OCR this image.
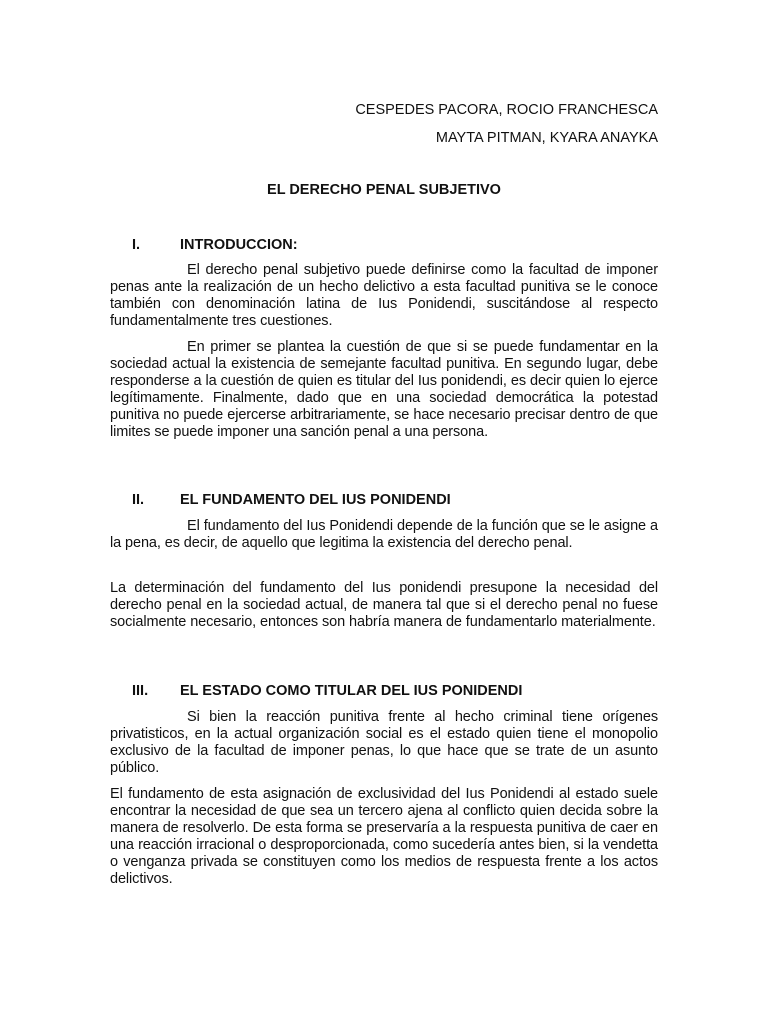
CESPEDES PACORA, ROCIO FRANCHESCA
MAYTA PITMAN, KYARA ANAYKA
EL DERECHO PENAL SUBJETIVO
I.	INTRODUCCION:

El derecho penal subjetivo puede definirse como la facultad de imponer penas ante la realización de un hecho delictivo a esta facultad punitiva se le conoce también con denominación latina de Ius Ponidendi, suscitándose al respecto fundamentalmente tres cuestiones.

En primer se plantea la cuestión de que si se puede fundamentar en la sociedad actual la existencia de semejante facultad punitiva. En segundo lugar, debe responderse a la cuestión de quien es titular del Ius ponidendi, es decir quien lo ejerce legítimamente. Finalmente, dado que en una sociedad democrática la potestad punitiva no puede ejercerse arbitrariamente, se hace necesario precisar dentro de que limites se puede imponer una sanción penal a una persona.

II. EL FUNDAMENTO DEL IUS PONIDENDI

El fundamento del Ius Ponidendi depende de la función que se le asigne a la pena, es decir, de aquello que legitima la existencia del derecho penal.

La determinación del fundamento del Ius ponidendi presupone la necesidad del derecho penal en la sociedad actual, de manera tal que si el derecho penal no fuese socialmente necesario, entonces son habría manera de fundamentarlo materialmente.

III. EL ESTADO COMO TITULAR DEL IUS PONIDENDI

Si bien la reacción punitiva frente al hecho criminal tiene orígenes privatisticos, en la actual organización social es el estado quien tiene el monopolio exclusivo de la facultad de imponer penas, lo que hace que se trate de un asunto público.

El fundamento de esta asignación de exclusividad del Ius Ponidendi al estado suele encontrar la necesidad de que sea un tercero ajena al conflicto quien decida sobre la manera de resolverlo. De esta forma se preservaría a la respuesta punitiva de caer en una reacción irracional o desproporcionada, como sucedería antes bien, si la vendetta o venganza privada se constituyen como los medios de respuesta frente a los actos delictivos.
